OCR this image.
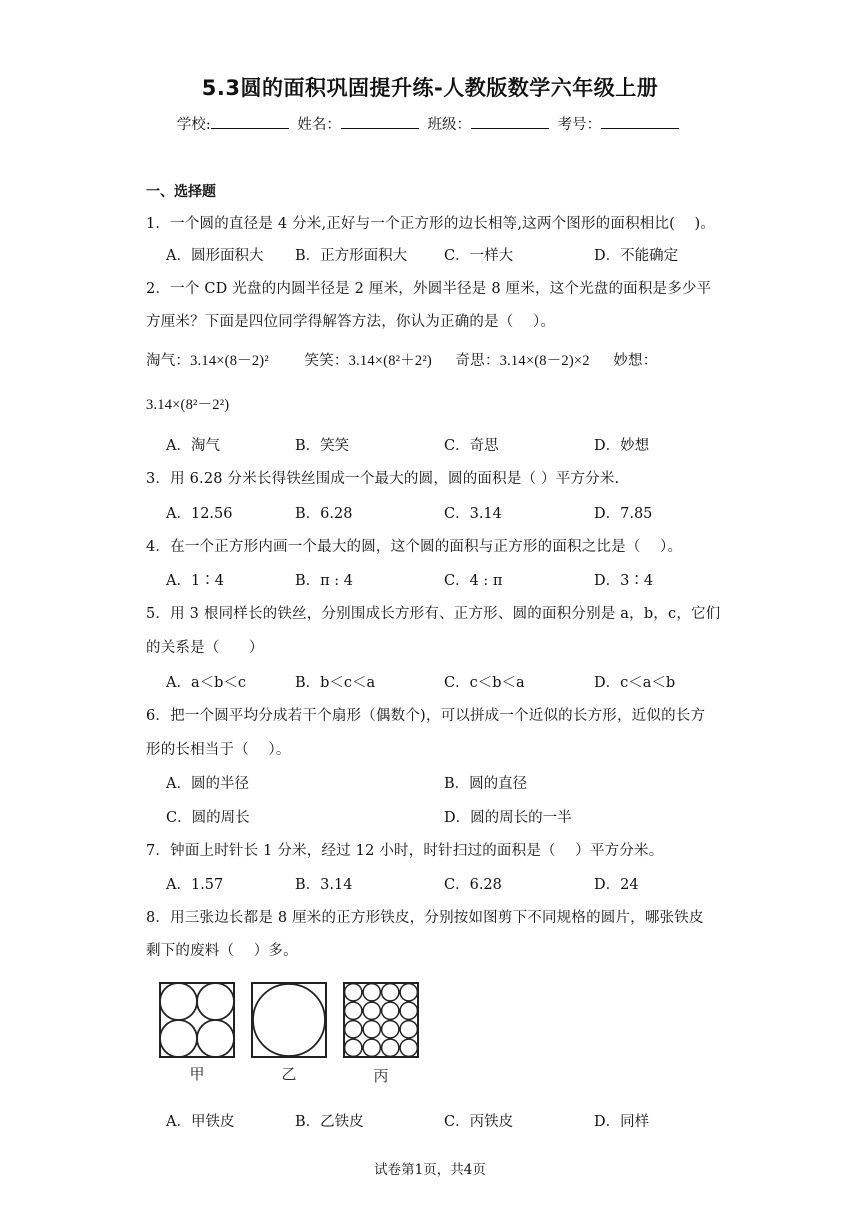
5.3圆的面积巩固提升练-人教版数学六年级上册
学校:	姓名：	班级：	考号：
一、选择题
1．一个圆的直径是 4 分米,正好与一个正方形的边长相等,这两个图形的面积相比(　 )。
A．圆形面积大 B．正方形面积大	C．一样大	D．不能确定
2．一个 CD 光盘的内圆半径是 2 厘米，外圆半径是 8 厘米，这个光盘的面积是多少平
方厘米？下面是四位同学得解答方法，你认为正确的是（　 ）。
淘气：3.14×(8－2)² 笑笑：3.14×(8²＋2²) 奇思：3.14×(8－2)×2 妙想：
3.14×(8²－2²)
A．淘气	B．笑笑	C．奇思	D．妙想
3．用 6.28 分米长得铁丝围成一个最大的圆，圆的面积是（ ）平方分米.
A．12.56	B．6.28	C．3.14	D．7.85
4．在一个正方形内画一个最大的圆，这个圆的面积与正方形的面积之比是（　 ）。
A．1∶4	B．π : 4	C．4 : π	D．3∶4
5．用 3 根同样长的铁丝，分别围成长方形有、正方形、圆的面积分别是 a，b，c，它们
的关系是（　　）
A．a＜b＜c	B．b＜c＜a	C．c＜b＜a	D．c＜a＜b
6．把一个圆平均分成若干个扇形（偶数个)，可以拼成一个近似的长方形，近似的长方
形的长相当于（　 ）。
A．圆的半径	B．圆的直径
C．圆的周长	D．圆的周长的一半
7．钟面上时针长 1 分米，经过 12 小时，时针扫过的面积是（　 ）平方分米。
A．1.57	B．3.14	C．6.28	D．24
8．用三张边长都是 8 厘米的正方形铁皮，分别按如图剪下不同规格的圆片，哪张铁皮
剩下的废料（　 ）多。
甲	乙	丙
A．甲铁皮	B．乙铁皮	C．丙铁皮	D．同样
试卷第1页，共4页
